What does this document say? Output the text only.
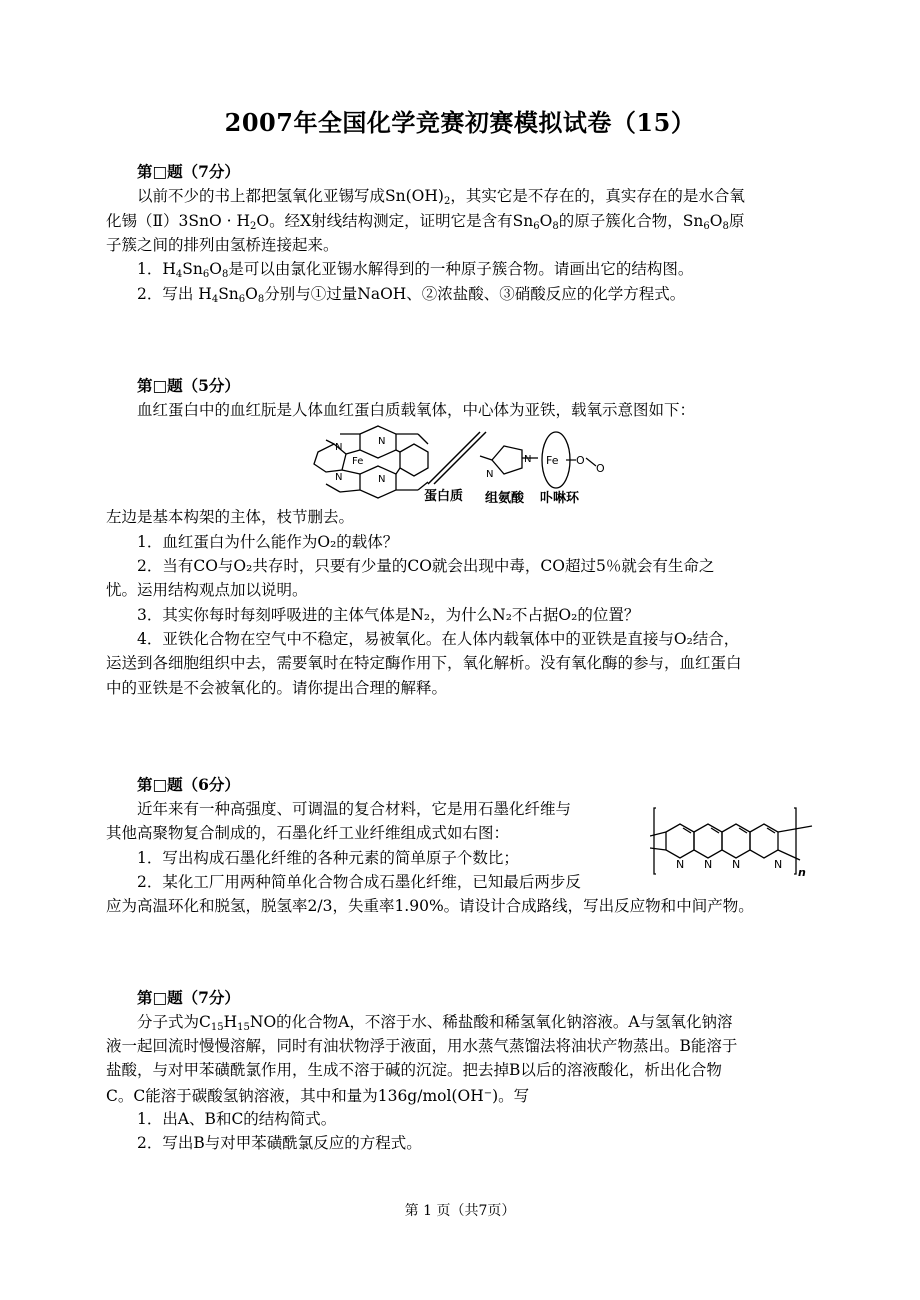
2007年全国化学竞赛初赛模拟试卷（15）
第□题（7分）
以前不少的书上都把氢氧化亚锡写成$Sn(OH)_2$，其实它是不存在的，真实存在的是水合氧
化锡（Ⅱ）3SnO · $H_2O$。经X射线结构测定，证明它是含有$Sn_6O_8$的原子簇化合物，$Sn_6O_8$原
子簇之间的排列由氢桥连接起来。
1．$H_4Sn_6O_8$是可以由氯化亚锡水解得到的一种原子簇合物。请画出它的结构图。
2．写出 $H_4Sn_6O_8$分别与①过量NaOH、②浓盐酸、③硝酸反应的化学方程式。
第□题（5分）
血红蛋白中的血红朊是人体血红蛋白质载氧体，中心体为亚铁，载氧示意图如下：
N
N
N	N
Fe
N
N Fe O
O
蛋白质 组氨酸 卟啉环
左边是基本构架的主体，枝节删去。
1．血红蛋白为什么能作为O₂的载体？
2．当有CO与O₂共存时，只要有少量的CO就会出现中毒，CO超过5％就会有生命之
忧。运用结构观点加以说明。
3．其实你每时每刻呼吸进的主体气体是N₂，为什么N₂不占据O₂的位置？
4．亚铁化合物在空气中不稳定，易被氧化。在人体内载氧体中的亚铁是直接与O₂结合，
运送到各细胞组织中去，需要氧时在特定酶作用下，氧化解析。没有氧化酶的参与，血红蛋白
中的亚铁是不会被氧化的。请你提出合理的解释。
第□题（6分）
近年来有一种高强度、可调温的复合材料，它是用石墨化纤维与
其他高聚物复合制成的，石墨化纤工业纤维组成式如右图：
1．写出构成石墨化纤维的各种元素的简单原子个数比；
2．某化工厂用两种简单化合物合成石墨化纤维，已知最后两步反
应为高温环化和脱氢，脱氢率2/3，失重率1.90%。请设计合成路线，写出反应物和中间产物。
N N N	N
n
第□题（7分）
分子式为$C_{15}H_{15}NO$的化合物A，不溶于水、稀盐酸和稀氢氧化钠溶液。A与氢氧化钠溶
液一起回流时慢慢溶解，同时有油状物浮于液面，用水蒸气蒸馏法将油状产物蒸出。B能溶于
盐酸，与对甲苯磺酰氯作用，生成不溶于碱的沉淀。把去掉B以后的溶液酸化，析出化合物
C。C能溶于碳酸氢钠溶液，其中和量为136g/mol(OH−)。写
1．出A、B和C的结构简式。
2．写出B与对甲苯磺酰氯反应的方程式。
第 1 页（共7页）
